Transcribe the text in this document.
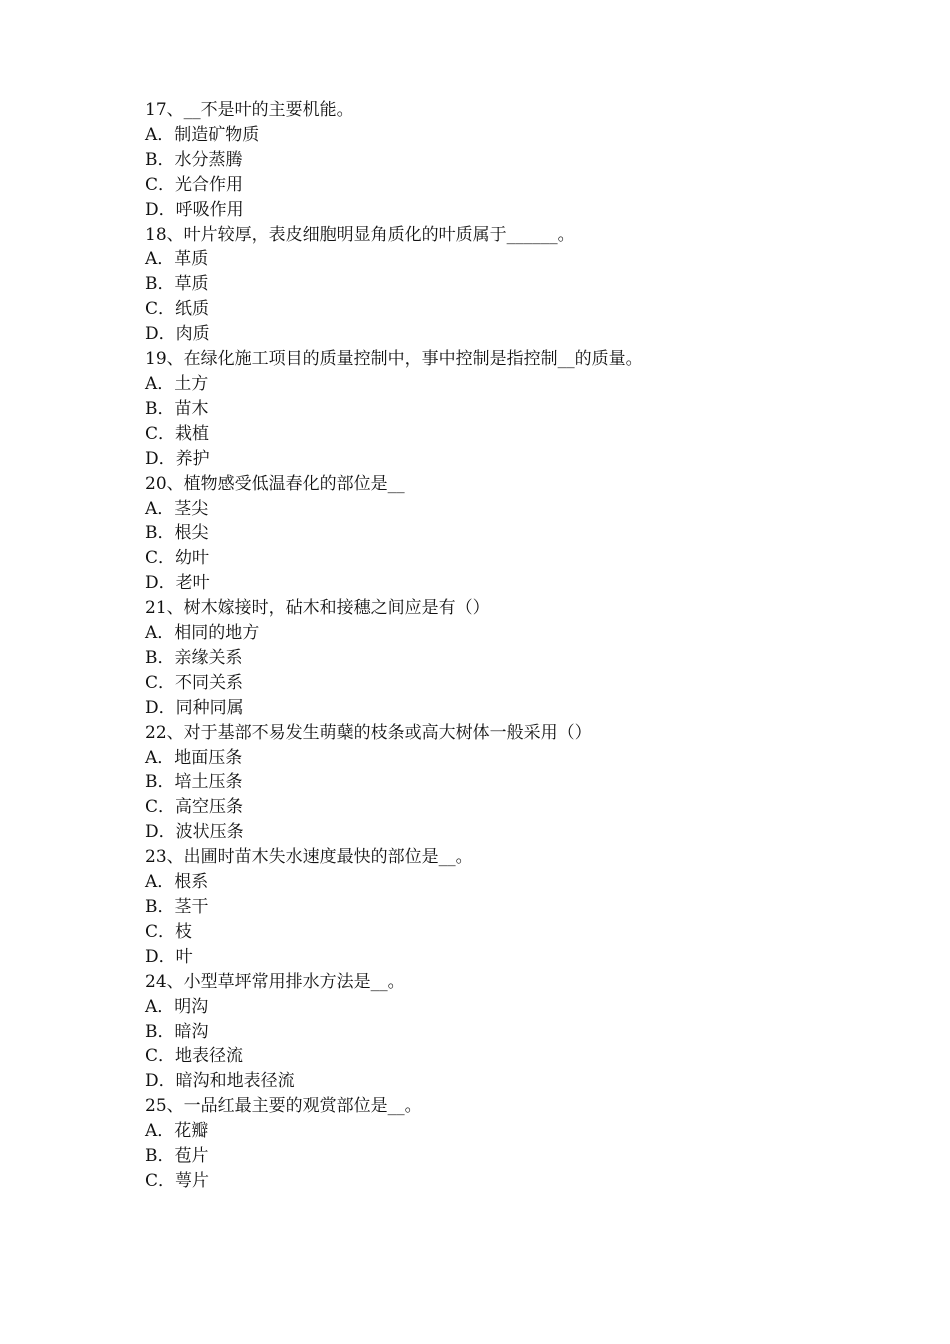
17、__不是叶的主要机能。
A．制造矿物质
B．水分蒸腾
C．光合作用
D．呼吸作用
18、叶片较厚，表皮细胞明显角质化的叶质属于______。
A．革质
B．草质
C．纸质
D．肉质
19、在绿化施工项目的质量控制中，事中控制是指控制__的质量。
A．土方
B．苗木
C．栽植
D．养护
20、植物感受低温春化的部位是__
A．茎尖
B．根尖
C．幼叶
D．老叶
21、树木嫁接时，砧木和接穗之间应是有（）
A．相同的地方
B．亲缘关系
C．不同关系
D．同种同属
22、对于基部不易发生萌蘖的枝条或高大树体一般采用（）
A．地面压条
B．培土压条
C．高空压条
D．波状压条
23、出圃时苗木失水速度最快的部位是__。
A．根系
B．茎干
C．枝
D．叶
24、小型草坪常用排水方法是__。
A．明沟
B．暗沟
C．地表径流
D．暗沟和地表径流
25、一品红最主要的观赏部位是__。
A．花瓣
B．苞片
C．萼片
